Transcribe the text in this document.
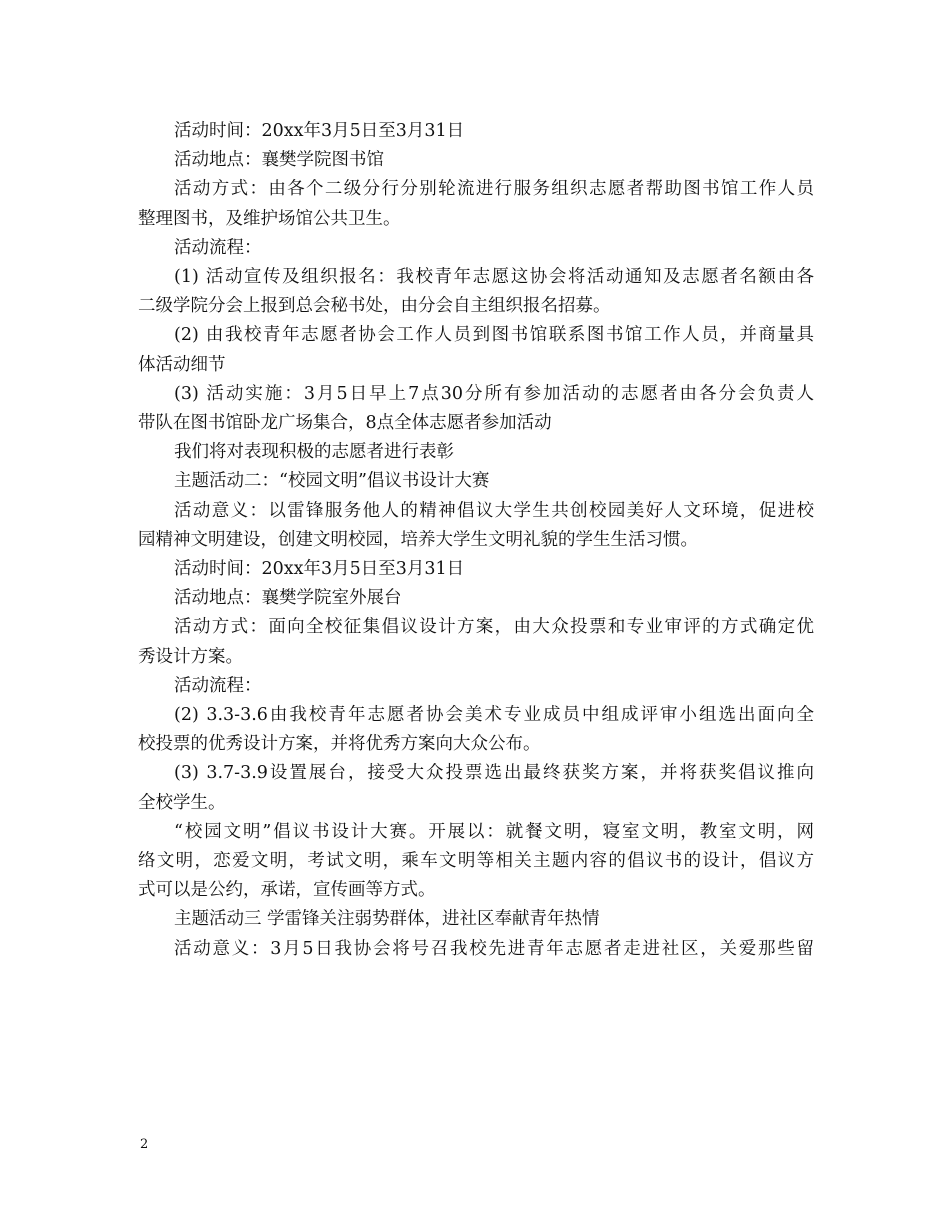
活动时间：20xx年3月5日至3月31日
活动地点：襄樊学院图书馆
活动方式：由各个二级分行分别轮流进行服务组织志愿者帮助图书馆工作人员
整理图书，及维护场馆公共卫生。
活动流程：
(1) 活动宣传及组织报名：我校青年志愿这协会将活动通知及志愿者名额由各
二级学院分会上报到总会秘书处，由分会自主组织报名招募。
(2) 由我校青年志愿者协会工作人员到图书馆联系图书馆工作人员，并商量具
体活动细节
(3) 活动实施：3月5日早上7点30分所有参加活动的志愿者由各分会负责人
带队在图书馆卧龙广场集合，8点全体志愿者参加活动
我们将对表现积极的志愿者进行表彰
主题活动二：“校园文明”倡议书设计大赛
活动意义：以雷锋服务他人的精神倡议大学生共创校园美好人文环境，促进校
园精神文明建设，创建文明校园，培养大学生文明礼貌的学生生活习惯。
活动时间：20xx年3月5日至3月31日
活动地点：襄樊学院室外展台
活动方式：面向全校征集倡议设计方案，由大众投票和专业审评的方式确定优
秀设计方案。
活动流程：
(2) 3.3-3.6由我校青年志愿者协会美术专业成员中组成评审小组选出面向全
校投票的优秀设计方案，并将优秀方案向大众公布。
(3) 3.7-3.9设置展台，接受大众投票选出最终获奖方案，并将获奖倡议推向
全校学生。
“校园文明”倡议书设计大赛。开展以：就餐文明，寝室文明，教室文明，网
络文明，恋爱文明，考试文明，乘车文明等相关主题内容的倡议书的设计，倡议方
式可以是公约，承诺，宣传画等方式。
主题活动三 学雷锋关注弱势群体，进社区奉献青年热情
活动意义：3月5日我协会将号召我校先进青年志愿者走进社区，关爱那些留
2
